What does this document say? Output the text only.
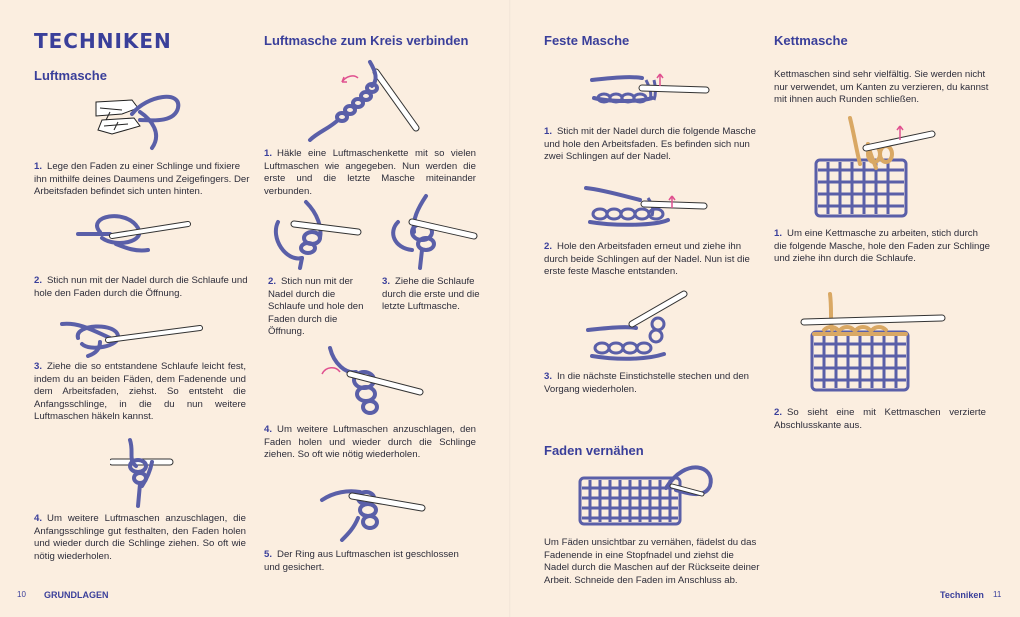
TECHNIKEN
Luftmasche
1. Lege den Faden zu einer Schlinge und fixiere ihn mithilfe deines Daumens und Zeigefingers. Der Arbeitsfaden befindet sich unten hinten.
2. Stich nun mit der Nadel durch die Schlaufe und hole den Faden durch die Öffnung.
3. Ziehe die so entstandene Schlaufe leicht fest, indem du an beiden Fäden, dem Fadenende und dem Arbeitsfaden, ziehst. So entsteht die Anfangsschlinge, in die du nun weitere Luftmaschen häkeln kannst.
4. Um weitere Luftmaschen anzuschlagen, die Anfangsschlinge gut festhalten, den Faden holen und wieder durch die Schlinge ziehen. So oft wie nötig wiederholen.
Luftmasche zum Kreis verbinden
1. Häkle eine Luftmaschenkette mit so vielen Luftmaschen wie angegeben. Nun werden die erste und die letzte Masche miteinander verbunden.
2. Stich nun mit der Nadel durch die Schlaufe und hole den Faden durch die Öffnung.
3. Ziehe die Schlaufe durch die erste und die letzte Luftmasche.
4. Um weitere Luftmaschen anzuschlagen, den Faden holen und wieder durch die Schlinge ziehen. So oft wie nötig wiederholen.
5. Der Ring aus Luftmaschen ist geschlossen und gesichert.
10 GRUNDLAGEN
Feste Masche
1. Stich mit der Nadel durch die folgende Masche und hole den Arbeitsfaden. Es befinden sich nun zwei Schlingen auf der Nadel.
2. Hole den Arbeitsfaden erneut und ziehe ihn durch beide Schlingen auf der Nadel. Nun ist die erste feste Masche entstanden.
3. In die nächste Einstichstelle stechen und den Vorgang wiederholen.
Faden vernähen
Um Fäden unsichtbar zu vernähen, fädelst du das Fadenende in eine Stopfnadel und ziehst die Nadel durch die Maschen auf der Rückseite deiner Arbeit. Schneide den Faden im Anschluss ab.
Kettmasche
Kettmaschen sind sehr vielfältig. Sie werden nicht nur verwendet, um Kanten zu verzieren, du kannst mit ihnen auch Runden schließen.
1. Um eine Kettmasche zu arbeiten, stich durch die folgende Masche, hole den Faden zur Schlinge und ziehe ihn durch die Schlaufe.
2. So sieht eine mit Kettmaschen verzierte Abschlusskante aus.
Techniken 11
